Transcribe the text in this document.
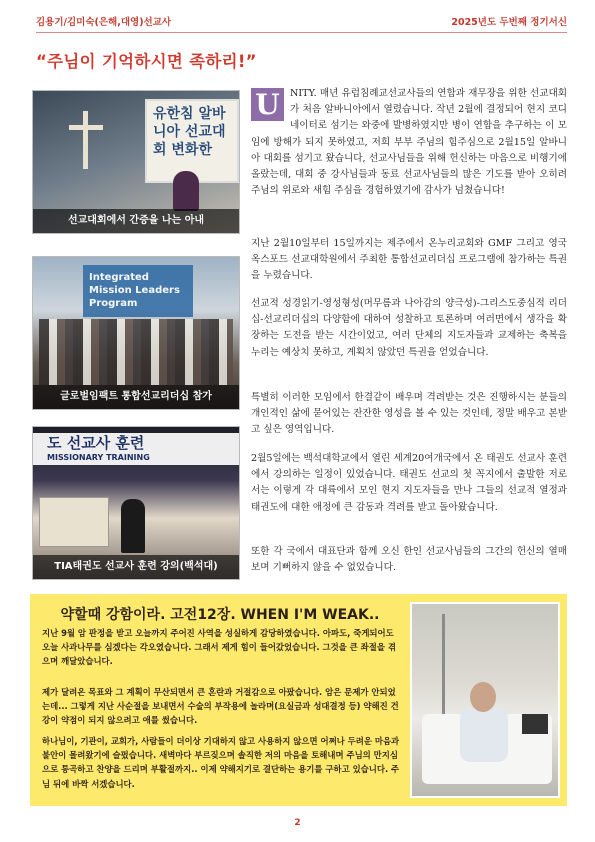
김용기/김미숙(은해,대영)선교사	2025년도 두번째 정기서신
“주님이 기억하시면 족하리!”
유한침 알바니아 선교대회 변화한
선교대회에서 간증을 나는 아내
Integrated Mission Leaders Program
글로벌임팩트 통합선교리더십 참가
도 선교사 훈련
MISSIONARY TRAINING
TIA태권도 선교사 훈련 강의(백석대)
U	NITY. 매년 유럽침례교선교사들의 연합과 재무장을 위한 선교대회가 처음 알바니아에서 열렸습니다. 작년 2월에 결정되어 현지 코디네이터로 섬기는 와중에 발병하였지만 병이 연합을 추구하는 이 모임에 방해가 되지 못하였고, 저희 부부 주님의 힘주심으로 2월15일 알바니아 대회를 섬기고 왔습니다, 선교사님들을 위해 헌신하는 마음으로 비행기에 올랐는데, 대회 중 강사님들과 동료 선교사님들의 많은 기도를 받아 오히려 주님의 위로와 새힘 주심을 경험하였기에 감사가 넘쳤습니다!
지난 2월10일부터 15일까지는 제주에서 온누리교회와 GMF 그리고 영국 옥스포드 선교대학원에서 주최한 통합선교리더십 프로그램에 참가하는 특권을 누렸습니다.
선교적 성경읽기-영성형성(머무름과 나아감의 양극성)-그리스도중심적 리더십-선교리더십의 다양함에 대하여 성찰하고 토론하며 여러면에서 생각을 확장하는 도전을 받는 시간이었고, 여러 단체의 지도자들과 교제하는 축복을 누리는 예상치 못하고, 계획치 않았던 특권을 얻었습니다.
특별히 이러한 모임에서 한결같이 배우며 격려받는 것은 진행하시는 분들의 개인적인 삶에 묻어있는 잔잔한 영성을 볼 수 있는 것인데, 정말 배우고 본받고 싶은 영역입니다.
2월5일에는 백석대학교에서 열린 세계20여개국에서 온 태권도 선교사 훈련에서 강의하는 일정이 있었습니다. 태권도 선교의 첫 꼭지에서 출발한 저로서는 이렇게 각 대륙에서 모인 현지 지도자들을 만나 그들의 선교적 열정과 태권도에 대한 애정에 큰 감동과 격려를 받고 돌아왔습니다.
또한 각 국에서 대표단과 함께 오신 한인 선교사님들의 그간의 헌신의 열매 보며 기뻐하지 않을 수 없었습니다.
약할때 강함이라. 고전12장. WHEN I'M WEAK..
지난 9월 암 판정을 받고 오늘까지 주어진 사역을 성실하게 감당하였습니다. 아파도, 죽게되어도 오늘 사과나무를 심겠다는 각오였습니다. 그래서 제게 힘이 들어갔었습니다. 그것을 큰 좌절을 겪으며 깨달았습니다.
제가 달려온 목표와 그 계획이 무산되면서 큰 혼란과 거절감으로 아팠습니다. 암은 문제가 안되었는데... 그렇게 지난 사순절을 보내면서 수술의 부작용에 놀라며(요실금과 성대결정 등) 약해진 건강이 약점이 되지 않으려고 애를 썼습니다.
하나님이, 기관이, 교회가, 사람들이 더이상 기대하지 않고 사용하지 않으면 어쩌나 두려운 마음과 불안이 몰려왔기에 슬펐습니다. 새벽마다 부르짖으며 솔직한 저의 마음을 토해내며 주님의 만지심으로 통곡하고 찬양을 드리며 부활절까지.. 이제 약해지기로 결단하는 용기를 구하고 있습니다. 주님 뒤에 바짝 서겠습니다.
2
